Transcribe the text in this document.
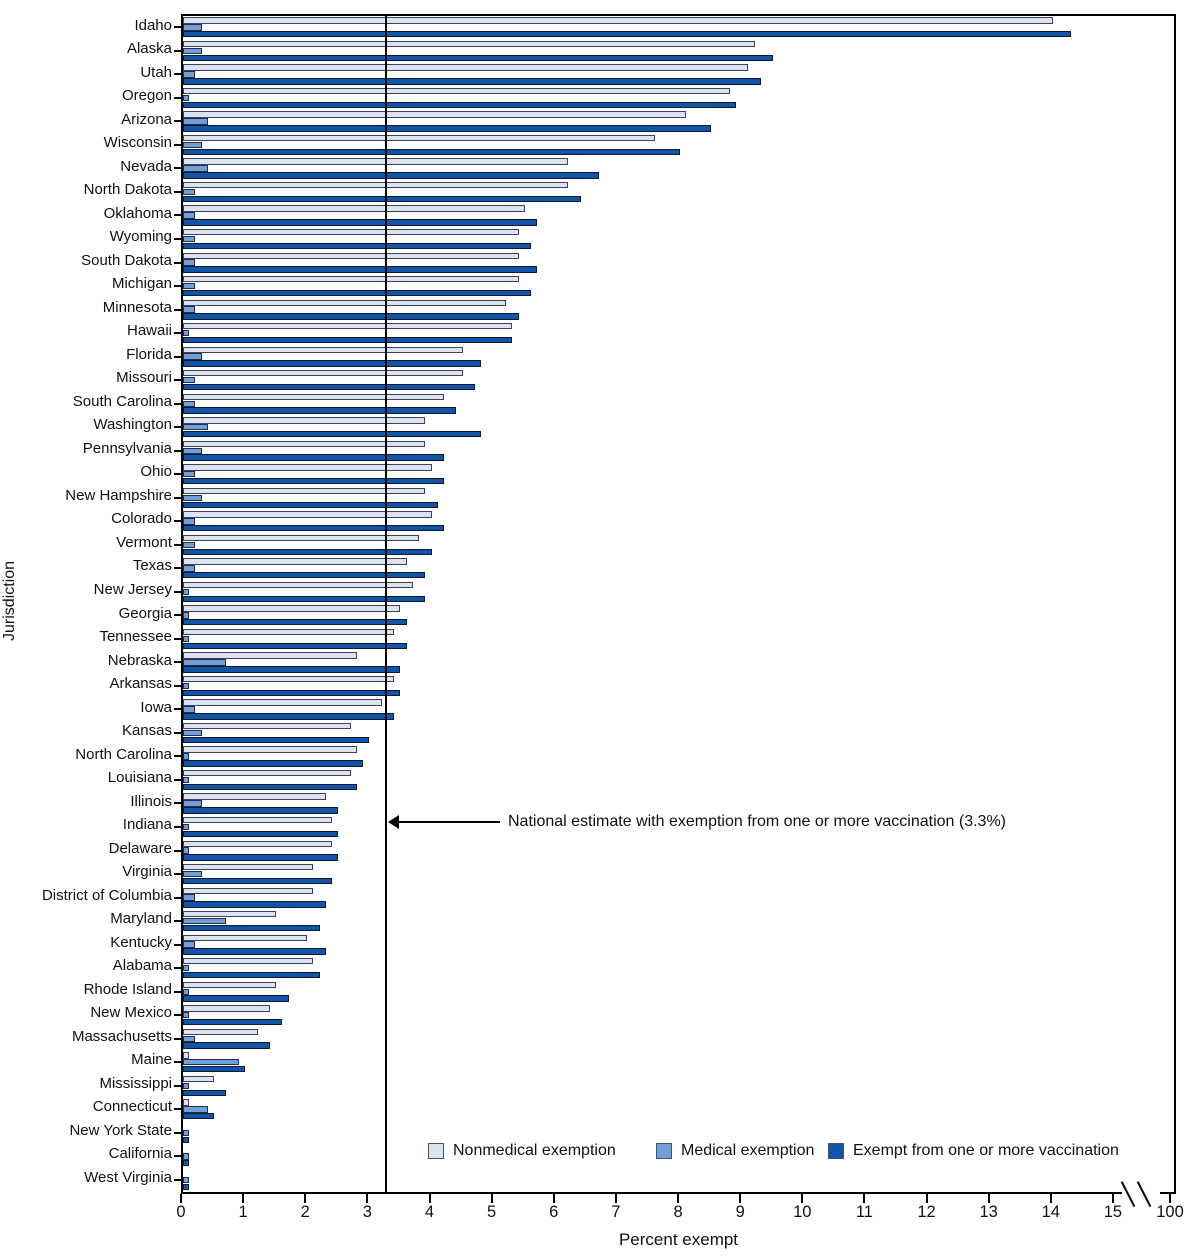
Jurisdiction
Idaho
Alaska
Utah
Oregon
Arizona
Wisconsin
Nevada
North Dakota
Oklahoma
Wyoming
South Dakota
Michigan
Minnesota
Hawaii
Florida
Missouri
South Carolina
Washington
Pennsylvania
Ohio
New Hampshire
Colorado
Vermont
Texas
New Jersey
Georgia
Tennessee
Nebraska
Arkansas
Iowa
Kansas
North Carolina
Louisiana
Illinois
Indiana
Delaware
Virginia
District of Columbia
Maryland
Kentucky
Alabama
Rhode Island
New Mexico
Massachusetts
Maine
Mississippi
Connecticut
New York State
California
West Virginia
0	1	2	3	4	5	6	7	8	9	10	11	12	13	14	15 100
National estimate with exemption from one or more vaccination (3.3%)
Nonmedical exemption	Medical exemption Exempt from one or more vaccination
Percent exempt
